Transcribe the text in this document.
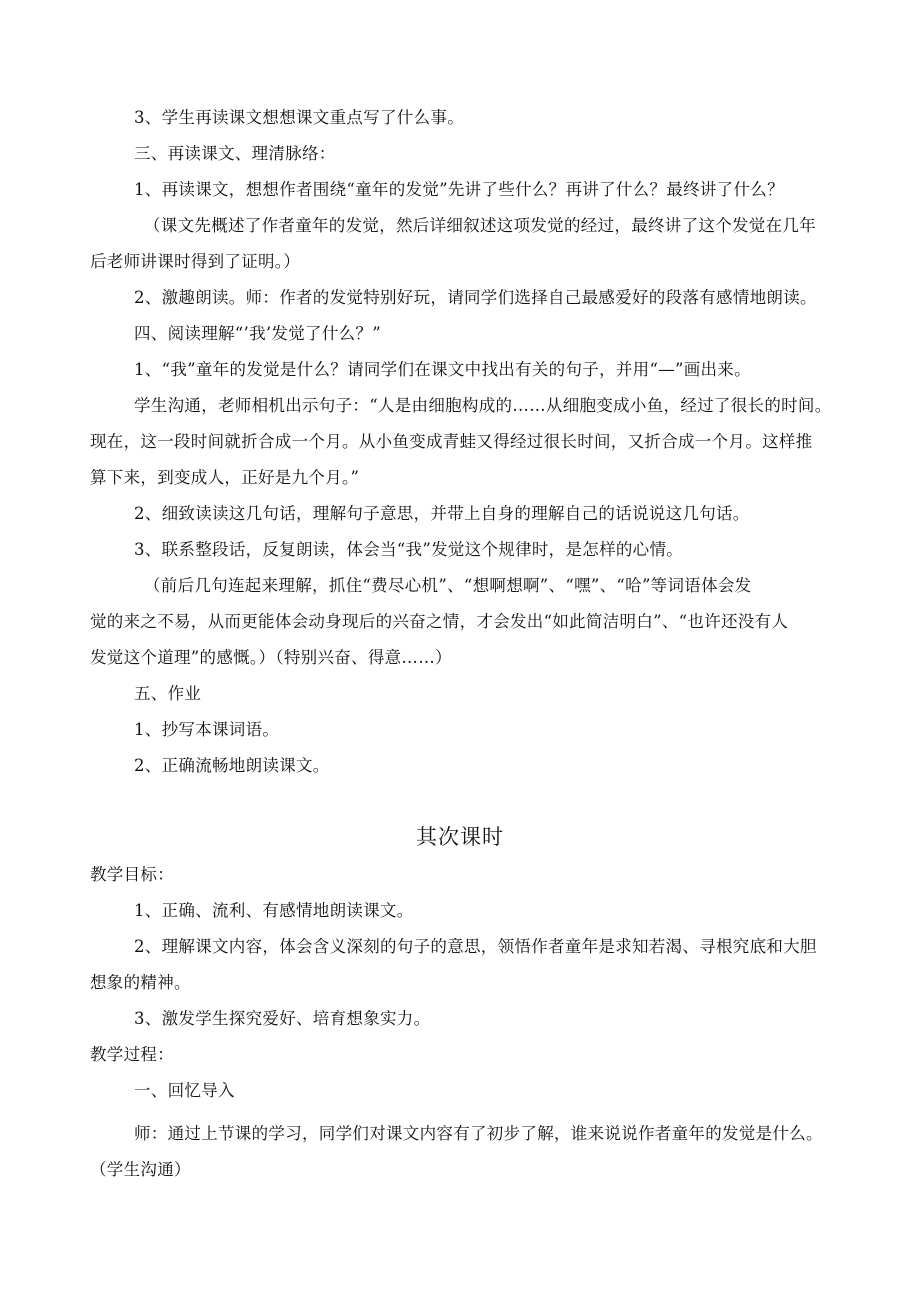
3、学生再读课文想想课文重点写了什么事。
三、再读课文、理清脉络：
1、再读课文，想想作者围绕“童年的发觉”先讲了些什么？再讲了什么？最终讲了什么？
（课文先概述了作者童年的发觉，然后详细叙述这项发觉的经过，最终讲了这个发觉在几年
后老师讲课时得到了证明。）
2、激趣朗读。师：作者的发觉特别好玩，请同学们选择自己最感爱好的段落有感情地朗读。
四、阅读理解“’我’发觉了什么？”
1、“我”童年的发觉是什么？请同学们在课文中找出有关的句子，并用“—”画出来。
学生沟通，老师相机出示句子：“人是由细胞构成的……从细胞变成小鱼，经过了很长的时间。
现在，这一段时间就折合成一个月。从小鱼变成青蛙又得经过很长时间，又折合成一个月。这样推
算下来，到变成人，正好是九个月。”
2、细致读读这几句话，理解句子意思，并带上自身的理解自己的话说说这几句话。
3、联系整段话，反复朗读，体会当“我”发觉这个规律时，是怎样的心情。
（前后几句连起来理解，抓住“费尽心机”、“想啊想啊”、“嘿”、“哈”等词语体会发
觉的来之不易，从而更能体会动身现后的兴奋之情，才会发出“如此简洁明白”、“也许还没有人
发觉这个道理”的感慨。）（特别兴奋、得意……）
五、作业
1、抄写本课词语。
2、正确流畅地朗读课文。
其次课时
教学目标：
1、正确、流利、有感情地朗读课文。
2、理解课文内容，体会含义深刻的句子的意思，领悟作者童年是求知若渴、寻根究底和大胆
想象的精神。
3、激发学生探究爱好、培育想象实力。
教学过程：
一、回忆导入
师：通过上节课的学习，同学们对课文内容有了初步了解，谁来说说作者童年的发觉是什么。
（学生沟通）
